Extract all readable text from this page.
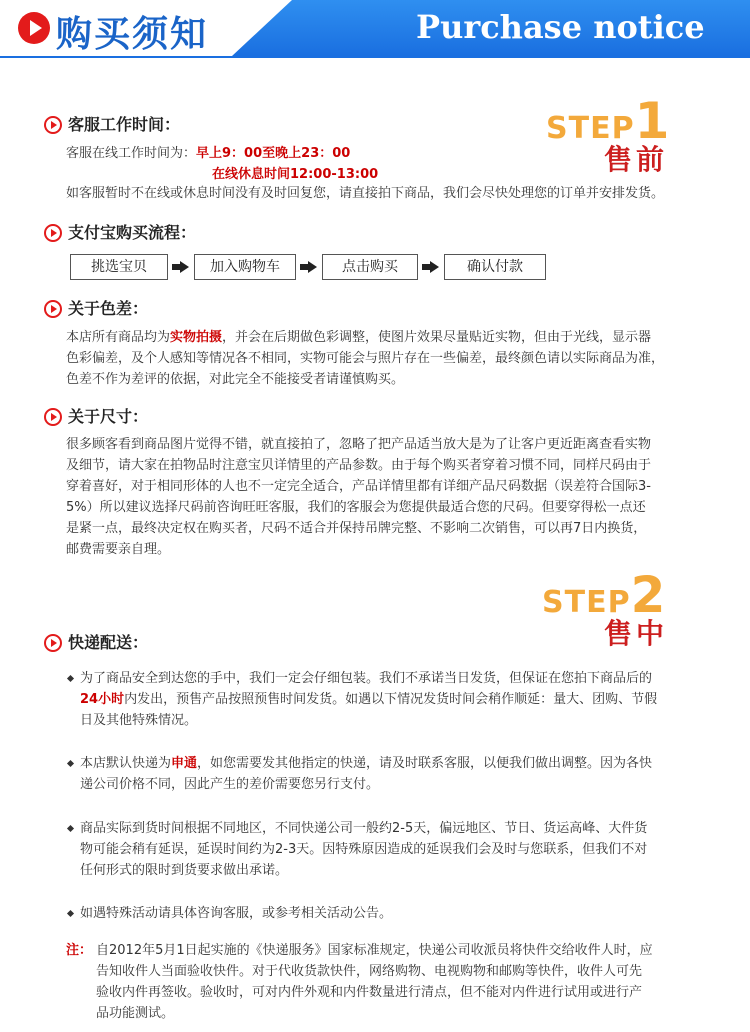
购买须知	Purchase notice
STEP1
售前
客服工作时间：
客服在线工作时间为：早上9：00至晚上23：00
在线休息时间12:00-13:00
如客服暂时不在线或休息时间没有及时回复您，请直接拍下商品，我们会尽快处理您的订单并安排发货。
支付宝购买流程：
挑选宝贝	加入购物车	点击购买	确认付款
关于色差：
本店所有商品均为实物拍摄，并会在后期做色彩调整，使图片效果尽量贴近实物，但由于光线，显示器
色彩偏差，及个人感知等情况各不相同，实物可能会与照片存在一些偏差，最终颜色请以实际商品为准，
色差不作为差评的依据，对此完全不能接受者请谨慎购买。
关于尺寸：
很多顾客看到商品图片觉得不错，就直接拍了，忽略了把产品适当放大是为了让客户更近距离查看实物
及细节，请大家在拍物品时注意宝贝详情里的产品参数。由于每个购买者穿着习惯不同，同样尺码由于
穿着喜好，对于相同形体的人也不一定完全适合，产品详情里都有详细产品尺码数据（误差符合国际3-
5%）所以建议选择尺码前咨询旺旺客服，我们的客服会为您提供最适合您的尺码。但要穿得松一点还
是紧一点，最终决定权在购买者，尺码不适合并保持吊牌完整、不影响二次销售，可以再7日内换货，
邮费需要亲自理。
STEP2
售中
快递配送：
为了商品安全到达您的手中，我们一定会仔细包装。我们不承诺当日发货，但保证在您拍下商品后的
24小时内发出，预售产品按照预售时间发货。如遇以下情况发货时间会稍作顺延：量大、团购、节假
日及其他特殊情况。
本店默认快递为申通，如您需要发其他指定的快递，请及时联系客服，以便我们做出调整。因为各快
递公司价格不同，因此产生的差价需要您另行支付。
商品实际到货时间根据不同地区，不同快递公司一般约2-5天，偏远地区、节日、货运高峰、大件货
物可能会稍有延误，延误时间约为2-3天。因特殊原因造成的延误我们会及时与您联系，但我们不对
任何形式的限时到货要求做出承诺。
如遇特殊活动请具体咨询客服，或参考相关活动公告。
注： 自2012年5月1日起实施的《快递服务》国家标准规定，快递公司收派员将快件交给收件人时，应
告知收件人当面验收快件。对于代收货款快件，网络购物、电视购物和邮购等快件，收件人可先
验收内件再签收。验收时，可对内件外观和内件数量进行清点，但不能对内件进行试用或进行产
品功能测试。
